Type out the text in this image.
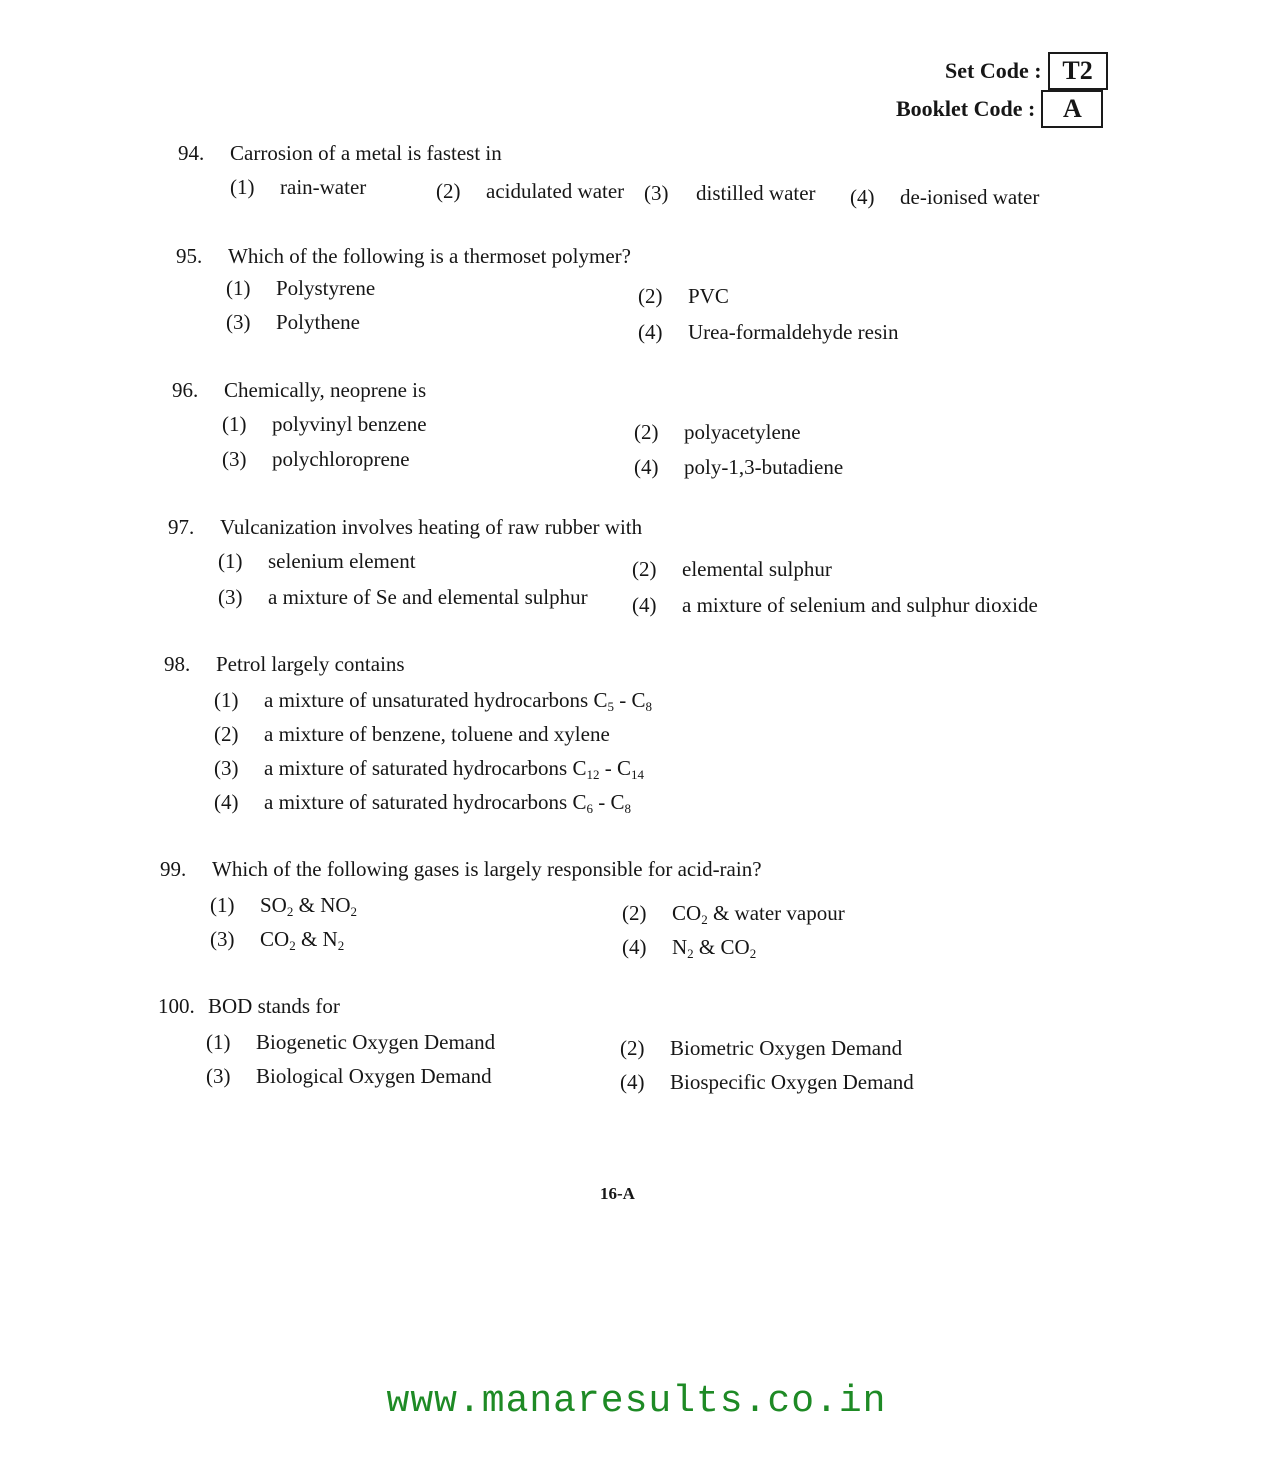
Set Code : T2
Booklet Code :	A
94. Carrosion of a metal is fastest in
(1) rain-water	(2) acidulated water (3) distilled water (4) de-ionised water
95. Which of the following is a thermoset polymer?
(1) Polystyrene	(2) PVC
(3) Polythene	(4) Urea-formaldehyde resin
96. Chemically, neoprene is
(1) polyvinyl benzene	(2) polyacetylene
(3) polychloroprene	(4) poly-1,3-butadiene
97. Vulcanization involves heating of raw rubber with
(1) selenium element	(2) elemental sulphur
(3) a mixture of Se and elemental sulphur (4) a mixture of selenium and sulphur dioxide
98. Petrol largely contains
(1) a mixture of unsaturated hydrocarbons $C_5 - C_8$
(2) a mixture of benzene, toluene and xylene
(3) a mixture of saturated hydrocarbons $C_{12} - C_{14}$
(4) a mixture of saturated hydrocarbons $C_6 - C_8$
99. Which of the following gases is largely responsible for acid-rain?
(1) $SO_2$ & $NO_2$	(2) $CO_2$ & water vapour
(3) $CO_2$ & $N_2$	(4) $N_2$ & $CO_2$
100. BOD stands for
(1) Biogenetic Oxygen Demand	(2) Biometric Oxygen Demand
(3) Biological Oxygen Demand	(4) Biospecific Oxygen Demand
16-A
www.manaresults.co.in
